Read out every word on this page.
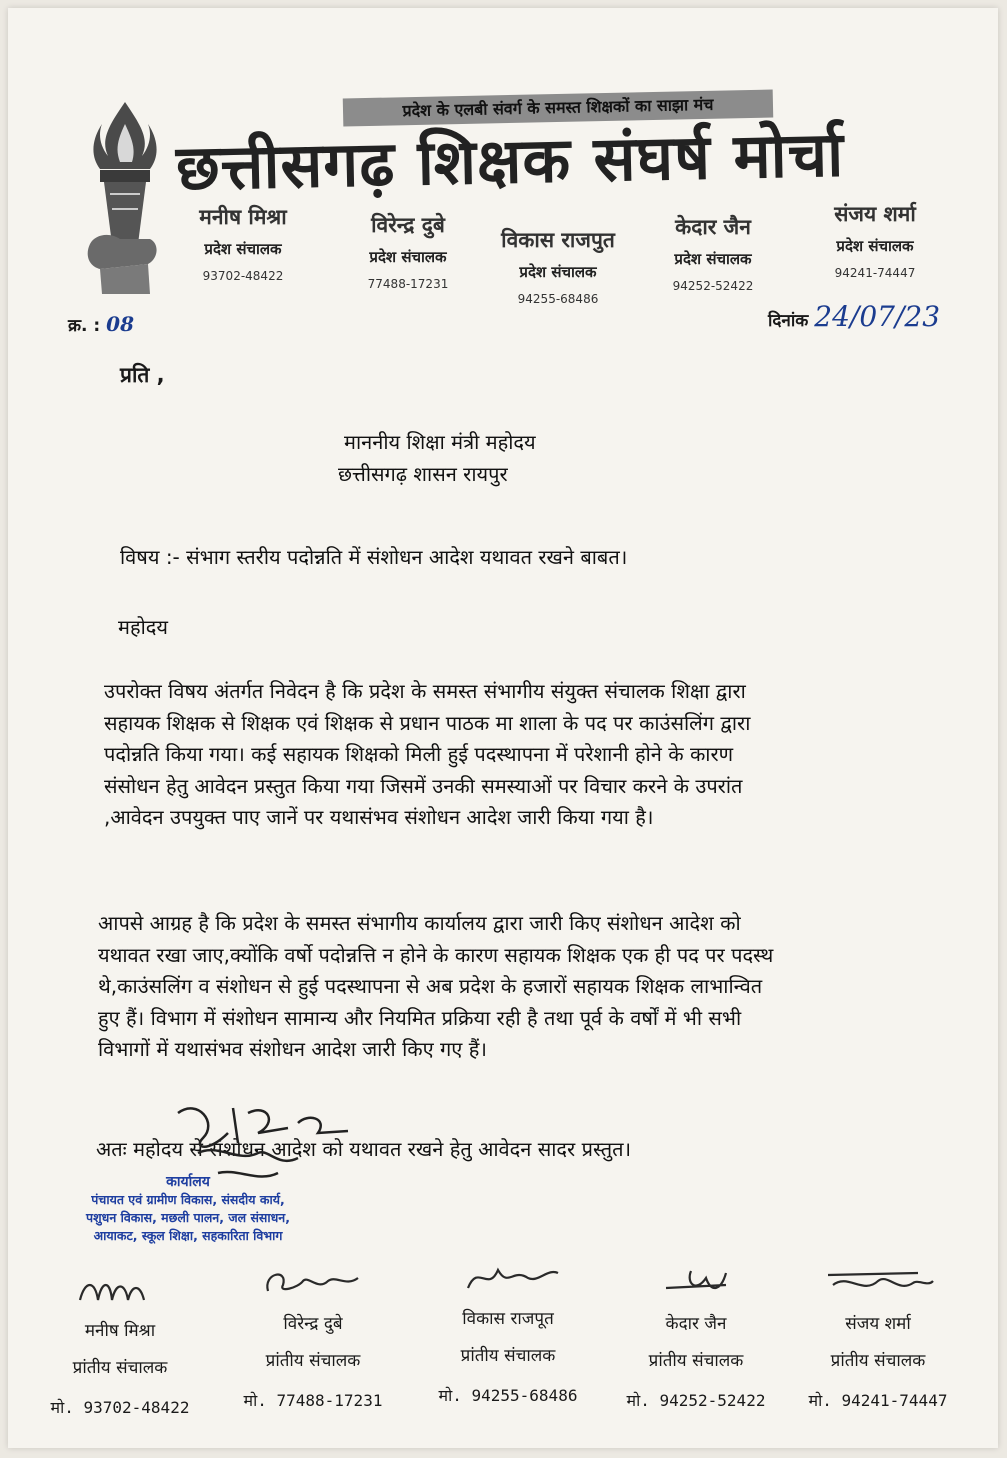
प्रदेश के एलबी संवर्ग के समस्त शिक्षकों का साझा मंच
छत्तीसगढ़ शिक्षक संघर्ष मोर्चा
मनीष मिश्रा
प्रदेश संचालक
93702-48422
विरेन्द्र दुबे
प्रदेश संचालक
77488-17231
विकास राजपुत
प्रदेश संचालक
94255-68486
केदार जैन
प्रदेश संचालक
94252-52422
संजय शर्मा
प्रदेश संचालक
94241-74447
क्र. : 08	दिनांक 24/07/23
प्रति ,
माननीय शिक्षा मंत्री महोदय
छत्तीसगढ़ शासन रायपुर
विषय :- संभाग स्तरीय पदोन्नति में संशोधन आदेश यथावत रखने बाबत।
महोदय
उपरोक्त विषय अंतर्गत निवेदन है कि प्रदेश के समस्त संभागीय संयुक्त संचालक शिक्षा द्वारा
सहायक शिक्षक से शिक्षक एवं शिक्षक से प्रधान पाठक मा शाला के पद पर काउंसलिंग द्वारा
पदोन्नति किया गया। कई सहायक शिक्षको मिली हुई पदस्थापना में परेशानी होने के कारण
संसोधन हेतु आवेदन प्रस्तुत किया गया जिसमें उनकी समस्याओं पर विचार करने के उपरांत
,आवेदन उपयुक्त पाए जानें पर यथासंभव संशोधन आदेश जारी किया गया है।
आपसे आग्रह है कि प्रदेश के समस्त संभागीय कार्यालय द्वारा जारी किए संशोधन आदेश को
यथावत रखा जाए,क्योंकि वर्षो पदोन्नत्ति न होने के कारण सहायक शिक्षक एक ही पद पर पदस्थ
थे,काउंसलिंग व संशोधन से हुई पदस्थापना से अब प्रदेश के हजारों सहायक शिक्षक लाभान्वित
हुए हैं। विभाग में संशोधन सामान्य और नियमित प्रक्रिया रही है तथा पूर्व के वर्षों में भी सभी
विभागों में यथासंभव संशोधन आदेश जारी किए गए हैं।
अतः महोदय से संशोधन आदेश को यथावत रखने हेतु आवेदन सादर प्रस्तुत।
कार्यालय
पंचायत एवं ग्रामीण विकास, संसदीय कार्य,
पशुधन विकास, मछली पालन, जल संसाधन,
आयाकट, स्कूल शिक्षा, सहकारिता विभाग
मनीष मिश्रा
प्रांतीय संचालक
मो. 93702-48422
विरेन्द्र दुबे
प्रांतीय संचालक
मो. 77488-17231
विकास राजपूत
प्रांतीय संचालक
मो. 94255-68486
केदार जैन
प्रांतीय संचालक
मो. 94252-52422
संजय शर्मा
प्रांतीय संचालक
मो. 94241-74447
